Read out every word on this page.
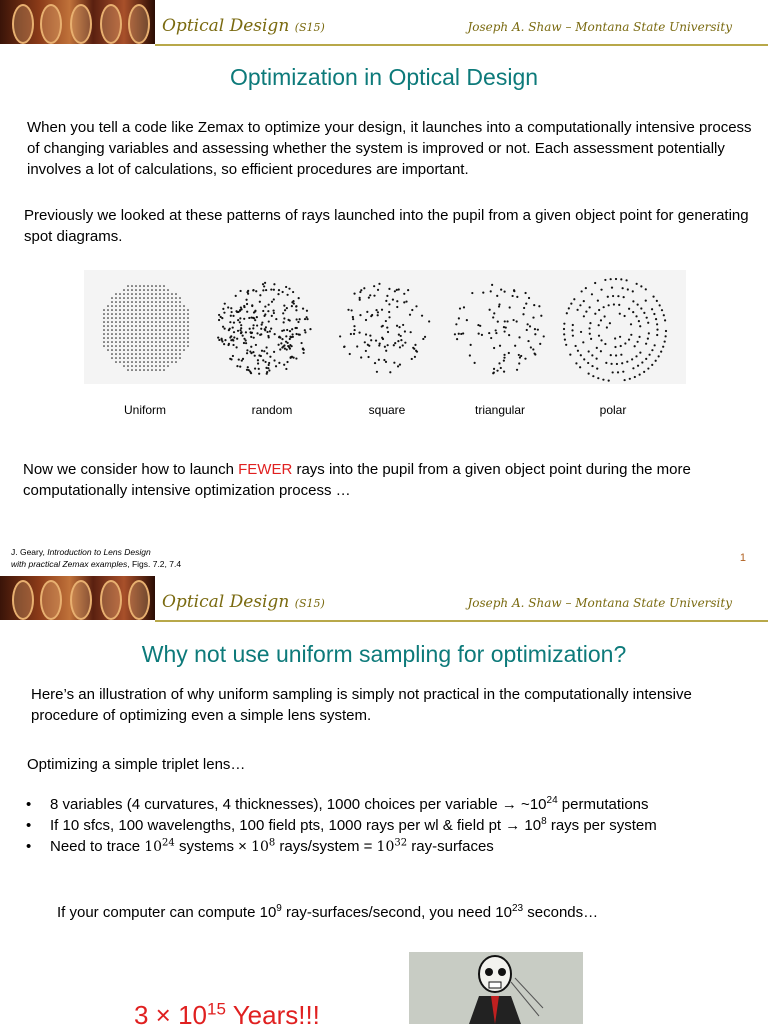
Optical Design (S15)	Joseph A. Shaw – Montana State University
Optimization in Optical Design
When you tell a code like Zemax to optimize your design, it launches into a computationally intensive process of changing variables and assessing whether the system is improved or not. Each assessment potentially involves a lot of calculations, so efficient procedures are important.
Previously we looked at these patterns of rays launched into the pupil from a given object point for generating spot diagrams.
Uniform	random	square	triangular	polar
Now we consider how to launch FEWER rays into the pupil from a given object point during the more computationally intensive optimization process …
J. Geary, Introduction to Lens Design
with practical Zemax examples, Figs. 7.2, 7.4	1
Optical Design (S15)	Joseph A. Shaw – Montana State University
Why not use uniform sampling for optimization?
Here’s an illustration of why uniform sampling is simply not practical in the computationally intensive procedure of optimizing even a simple lens system.
Optimizing a simple triplet lens…
• 8 variables (4 curvatures, 4 thicknesses), 1000 choices per variable → $\sim 10^{24}$ permutations
• If 10 sfcs, 100 wavelengths, 100 field pts, 1000 rays per wl & field pt → $10^8$ rays per system
• Need to trace $10^{24}$ systems × $10^8$ rays/system = $10^{32}$ ray-surfaces
If your computer can compute $10^9$ ray-surfaces/second, you need $10^{23}$ seconds…
$3 \times 10^{15}$ Years!!!
